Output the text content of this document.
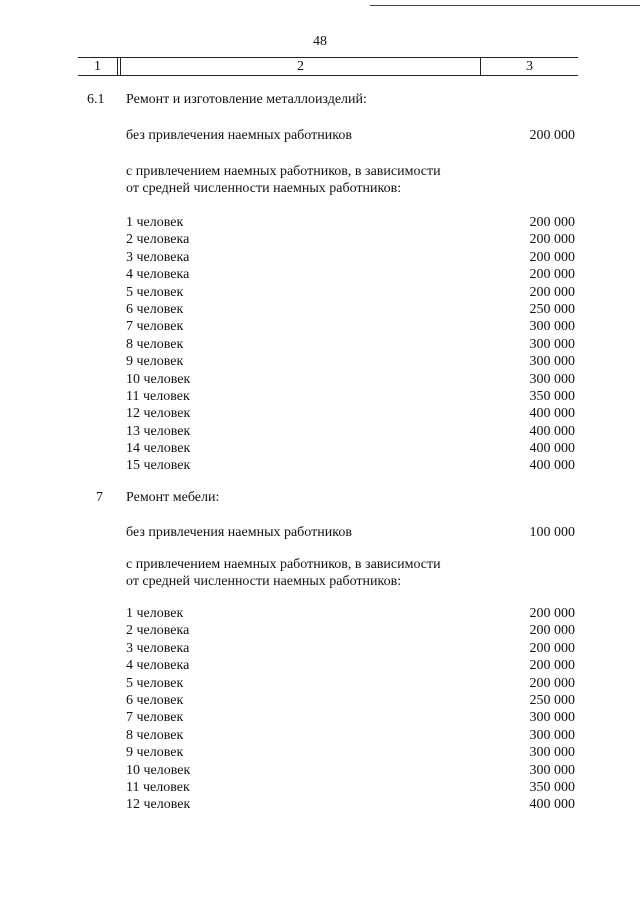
48
1	2	3
6.1 Ремонт и изготовление металлоизделий:
без привлечения наемных работников	200 000
с привлечением наемных работников, в зависимости
от средней численности наемных работников:
1 человек	200 000
2 человека	200 000
3 человека	200 000
4 человека	200 000
5 человек	200 000
6 человек	250 000
7 человек	300 000
8 человек	300 000
9 человек	300 000
10 человек	300 000
11 человек	350 000
12 человек	400 000
13 человек	400 000
14 человек	400 000
15 человек	400 000
7 Ремонт мебели:
без привлечения наемных работников	100 000
с привлечением наемных работников, в зависимости
от средней численности наемных работников:
1 человек	200 000
2 человека	200 000
3 человека	200 000
4 человека	200 000
5 человек	200 000
6 человек	250 000
7 человек	300 000
8 человек	300 000
9 человек	300 000
10 человек	300 000
11 человек	350 000
12 человек	400 000
